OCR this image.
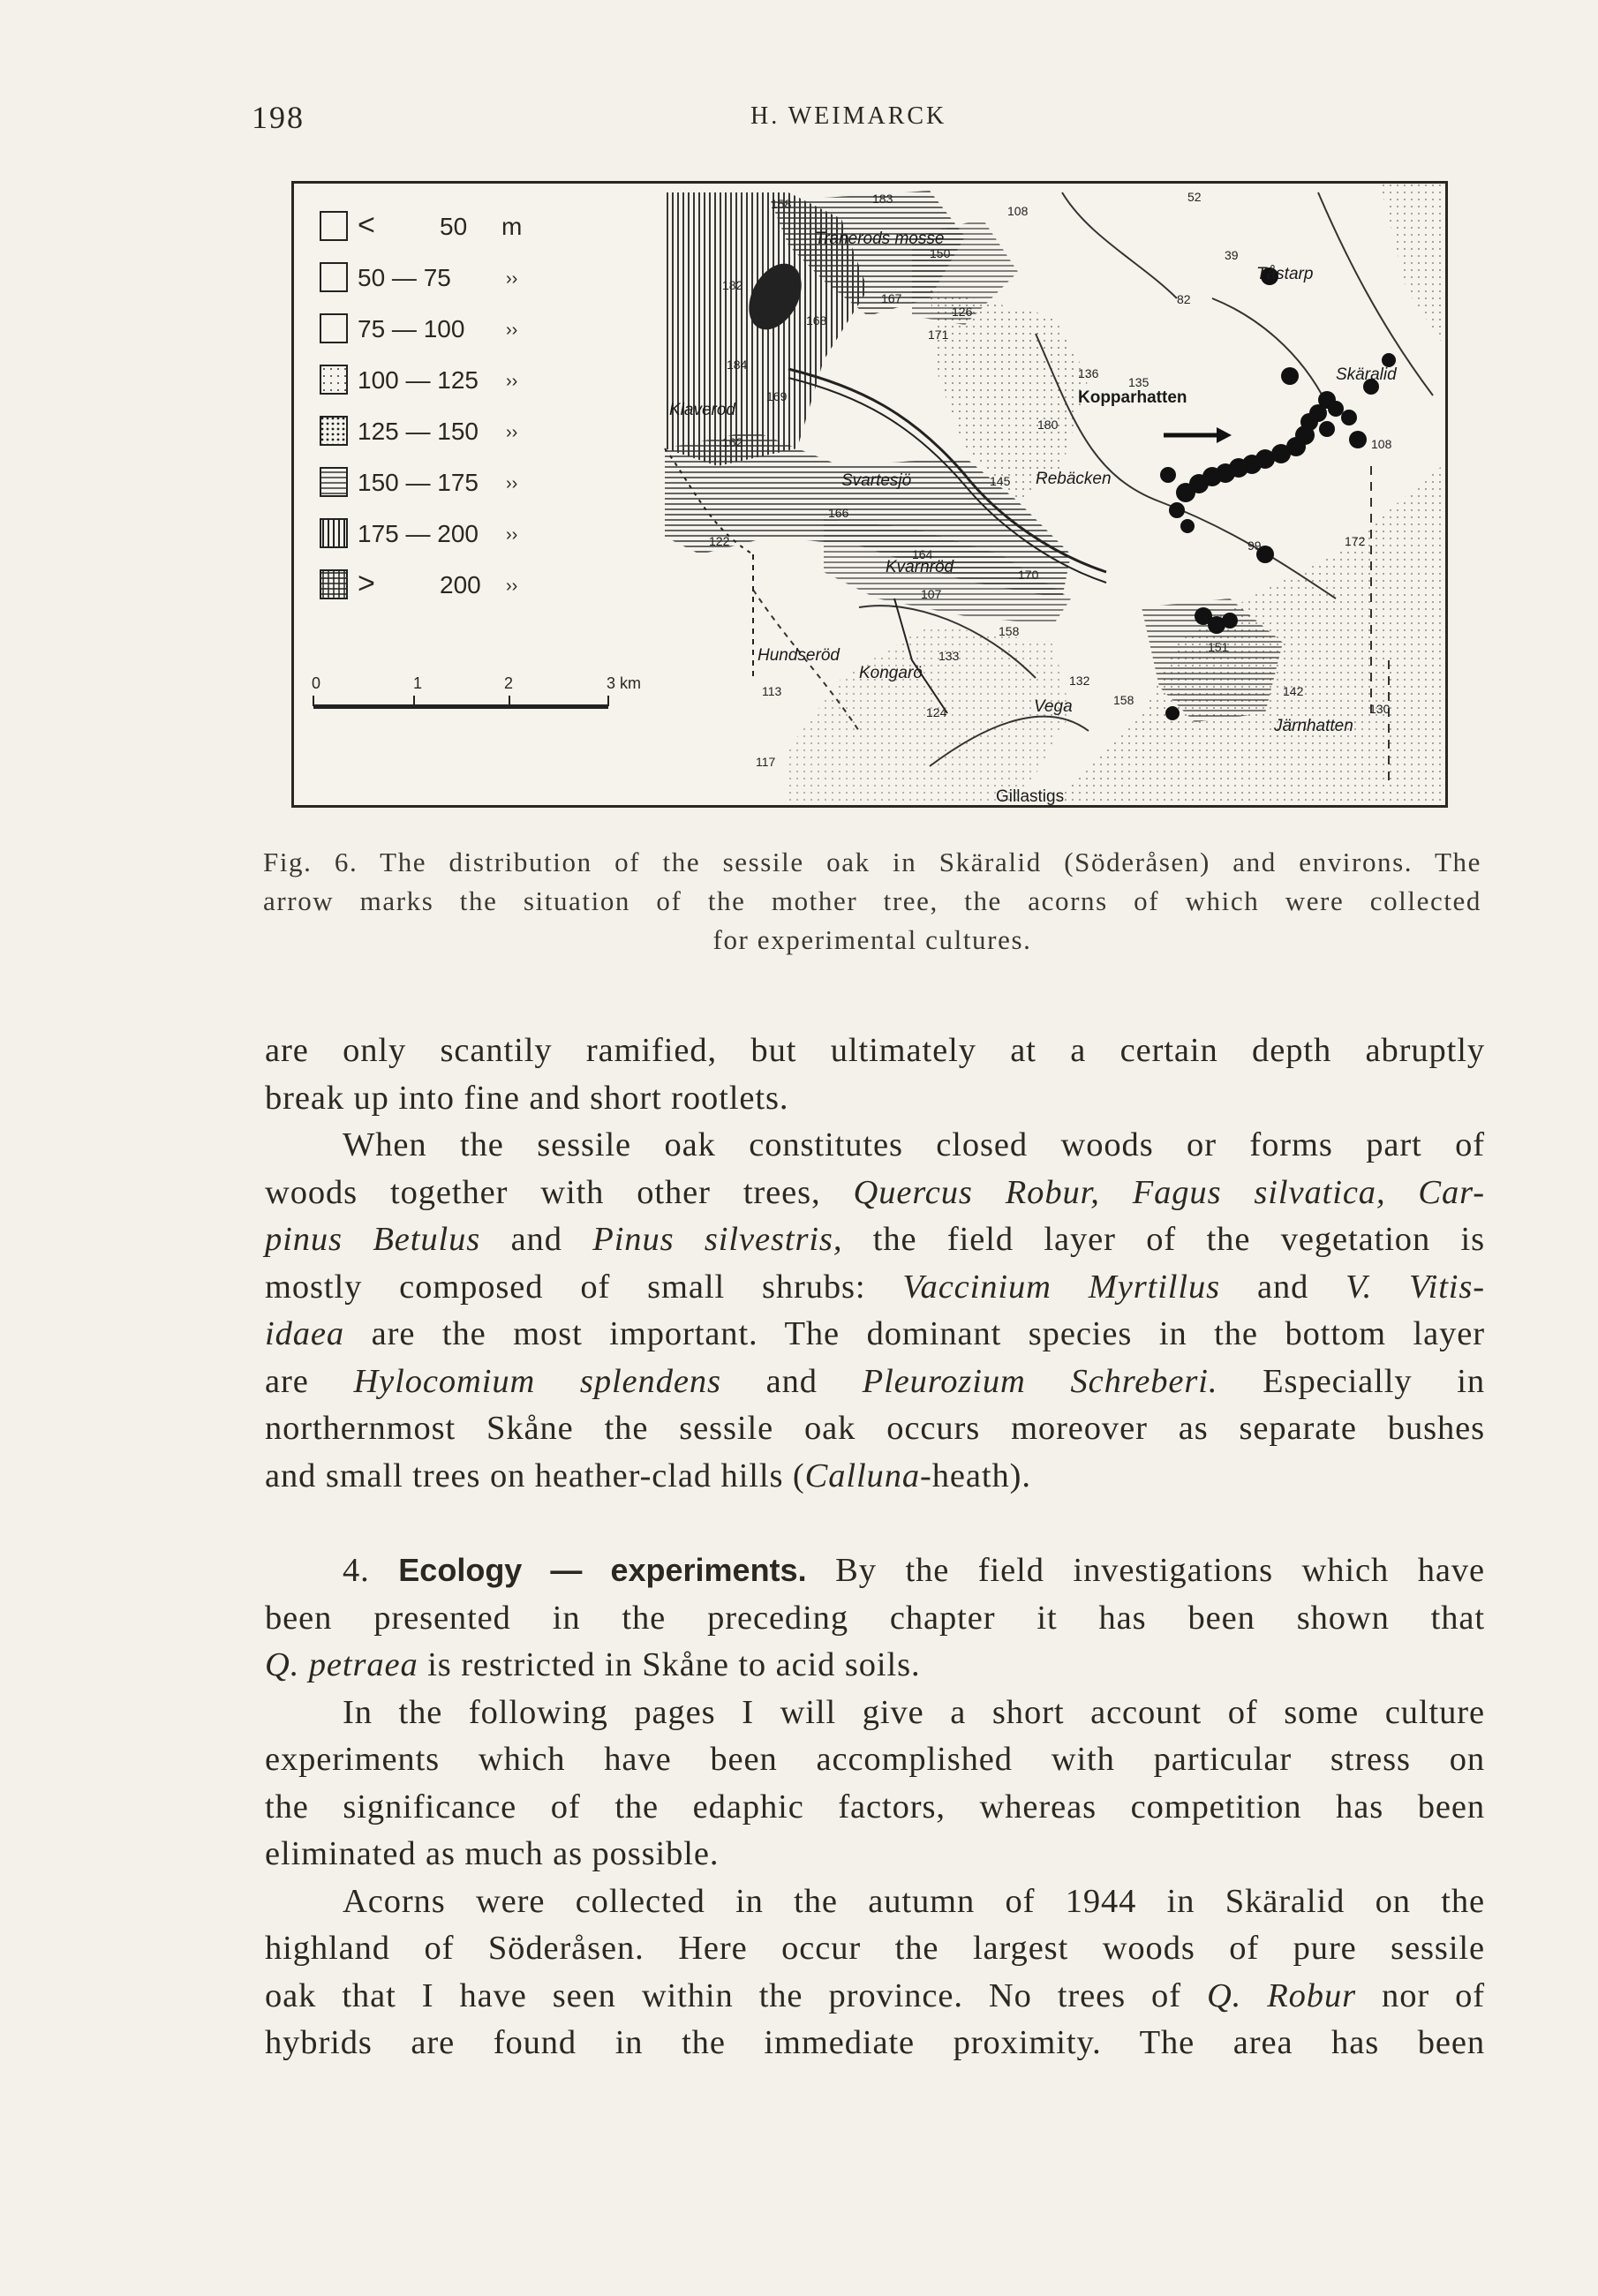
198	H. WEIMARCK
<	50 m
50 — 75	››
75 — 100 ››
100 — 125 ››
125 — 150 ››
150 — 175 ››
175 — 200 ››
>	200 ››
0	1	2	3 km
Tranerods mosse
Tåstarp
Skäralid
Kopparhatten
Klaverod
Svartesjö
Kvarnröd
Hundseröd
Kongarö
Vega
Järnhatten
Gillastigs
Rebäcken
158	183
108
52
150	39
82
182
167
168
126
171
184
169
136
135
180
162
145
166
172
122
164
170
107
158
133
113
132
158
124
142
130
117
151
99
108
Fig. 6. The distribution of the sessile oak in Skäralid (Söderåsen) and environs. The
arrow marks the situation of the mother tree, the acorns of which were collected
for experimental cultures.
are only scantily ramified, but ultimately at a certain depth abruptly
break up into fine and short rootlets.
When the sessile oak constitutes closed woods or forms part of
woods together with other trees, Quercus Robur, Fagus silvatica, Car-
pinus Betulus and Pinus silvestris, the field layer of the vegetation is
mostly composed of small shrubs: Vaccinium Myrtillus and V. Vitis-
idaea are the most important. The dominant species in the bottom layer
are Hylocomium splendens and Pleurozium Schreberi. Especially in
northernmost Skåne the sessile oak occurs moreover as separate bushes
and small trees on heather-clad hills (Calluna-heath).
4. Ecology — experiments. By the field investigations which have
been presented in the preceding chapter it has been shown that
Q. petraea is restricted in Skåne to acid soils.
In the following pages I will give a short account of some culture
experiments which have been accomplished with particular stress on
the significance of the edaphic factors, whereas competition has been
eliminated as much as possible.
Acorns were collected in the autumn of 1944 in Skäralid on the
highland of Söderåsen. Here occur the largest woods of pure sessile
oak that I have seen within the province. No trees of Q. Robur nor of
hybrids are found in the immediate proximity. The area has been
